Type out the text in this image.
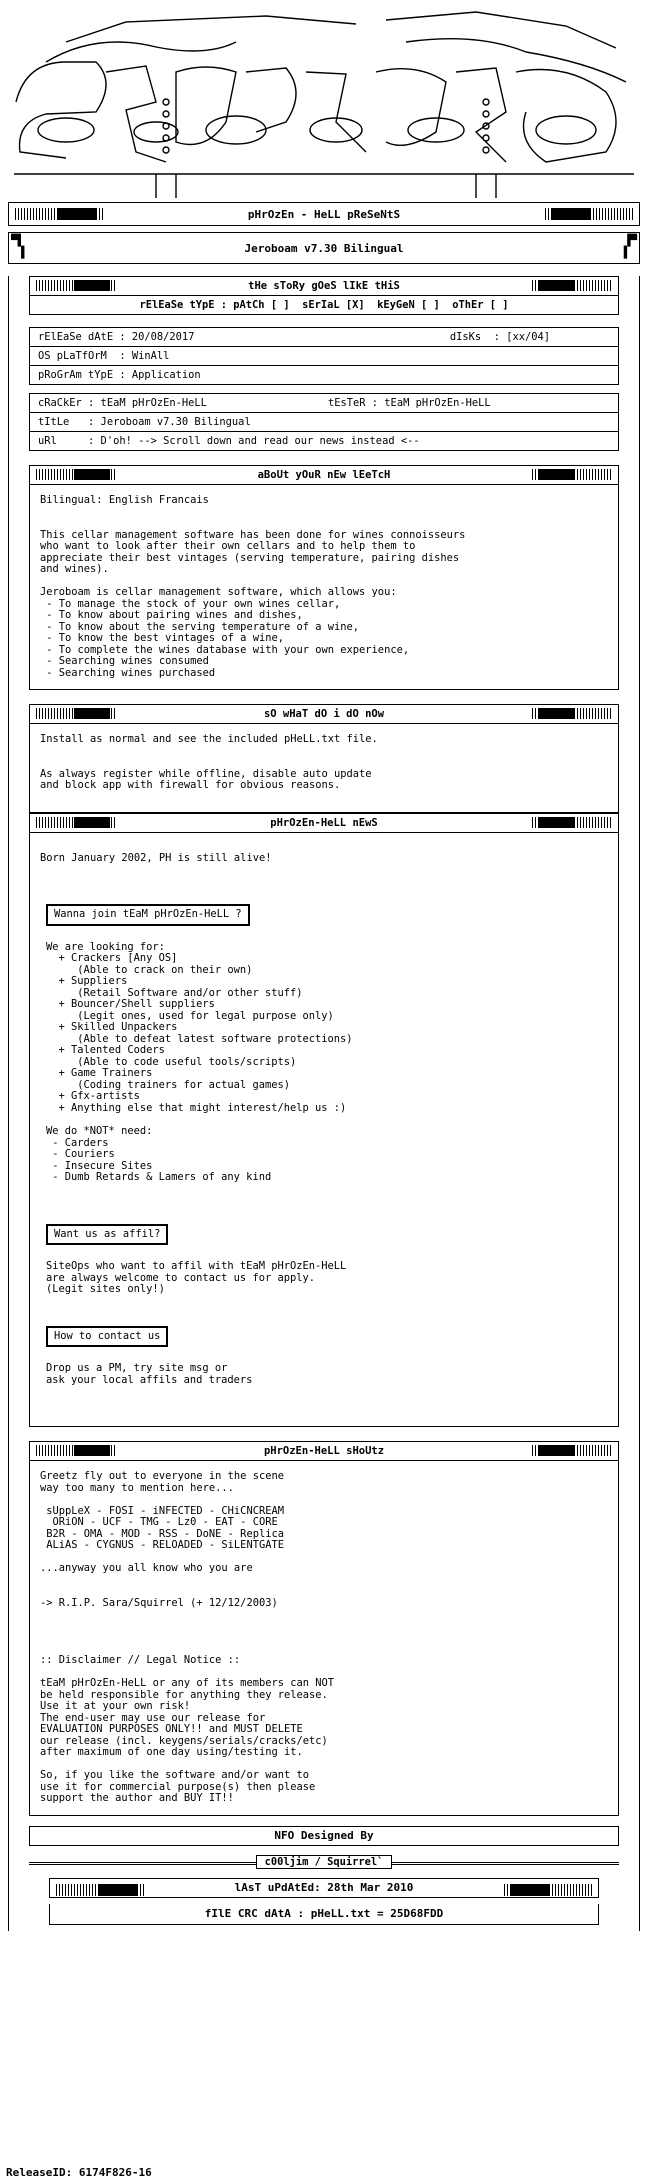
pHrOzEn - HeLL pReSeNtS
▀▌
▐	Jeroboam v7.30 Bilingual
▐▀
▌
tHe sToRy gOeS lIkE tHiS
rElEaSe tYpE : pAtCh [ ]  sErIaL [X]  kEyGeN [ ]  oThEr [ ]
rElEaSe dAtE : 20/08/2017	dIsKs  : [xx/04]
OS pLaTfOrM  : WinAll
pRoGrAm tYpE : Application
cRaCkEr : tEaM pHrOzEn-HeLL	tEsTeR : tEaM pHrOzEn-HeLL
tItLe   : Jeroboam v7.30 Bilingual
uRl     : D'oh! --> Scroll down and read our news instead <--
aBoUt yOuR nEw lEeTcH
Bilingual: English Francais

This cellar management software has been done for wines connoisseurs
who want to look after their own cellars and to help them to
appreciate their best vintages (serving temperature, pairing dishes
and wines).

Jeroboam is cellar management software, which allows you:
- To manage the stock of your own wines cellar,
- To know about pairing wines and dishes,
- To know about the serving temperature of a wine,
- To know the best vintages of a wine,
- To complete the wines database with your own experience,
- Searching wines consumed
- Searching wines purchased
sO wHaT dO i dO nOw
Install as normal and see the included pHeLL.txt file.

As always register while offline, disable auto update
and block app with firewall for obvious reasons.
pHrOzEn-HeLL nEwS
Born January 2002, PH is still alive!
Wanna join tEaM pHrOzEn-HeLL ?
We are looking for:
+ Crackers [Any OS]
(Able to crack on their own)
+ Suppliers
(Retail Software and/or other stuff)
+ Bouncer/Shell suppliers
(Legit ones, used for legal purpose only)
+ Skilled Unpackers
(Able to defeat latest software protections)
+ Talented Coders
(Able to code useful tools/scripts)
+ Game Trainers
(Coding trainers for actual games)
+ Gfx-artists
+ Anything else that might interest/help us :)
We do *NOT* need:
- Carders
- Couriers
- Insecure Sites
- Dumb Retards & Lamers of any kind
Want us as affil?
SiteOps who want to affil with tEaM pHrOzEn-HeLL
are always welcome to contact us for apply.
(Legit sites only!)
How to contact us
Drop us a PM, try site msg or
ask your local affils and traders
pHrOzEn-HeLL sHoUtz
Greetz fly out to everyone in the scene
way too many to mention here...

sUppLeX - FOSI - iNFECTED - CHiCNCREAM
ORiON - UCF - TMG - Lz0 - EAT - CORE
B2R - OMA - MOD - RSS - DoNE - Replica
ALiAS - CYGNUS - RELOADED - SiLENTGATE

...anyway you all know who you are

-> R.I.P. Sara/Squirrel (+ 12/12/2003)

:: Disclaimer // Legal Notice ::

tEaM pHrOzEn-HeLL or any of its members can NOT
be held responsible for anything they release.
Use it at your own risk!
The end-user may use our release for
EVALUATION PURPOSES ONLY!! and MUST DELETE
our release (incl. keygens/serials/cracks/etc)
after maximum of one day using/testing it.

So, if you like the software and/or want to
use it for commercial purpose(s) then please
support the author and BUY IT!!
NFO Designed By
c00ljim / Squirrel`
lAsT uPdAtEd: 28th Mar 2010
fIlE CRC dAtA : pHeLL.txt = 25D68FDD
ReleaseID: 6174F826-16
